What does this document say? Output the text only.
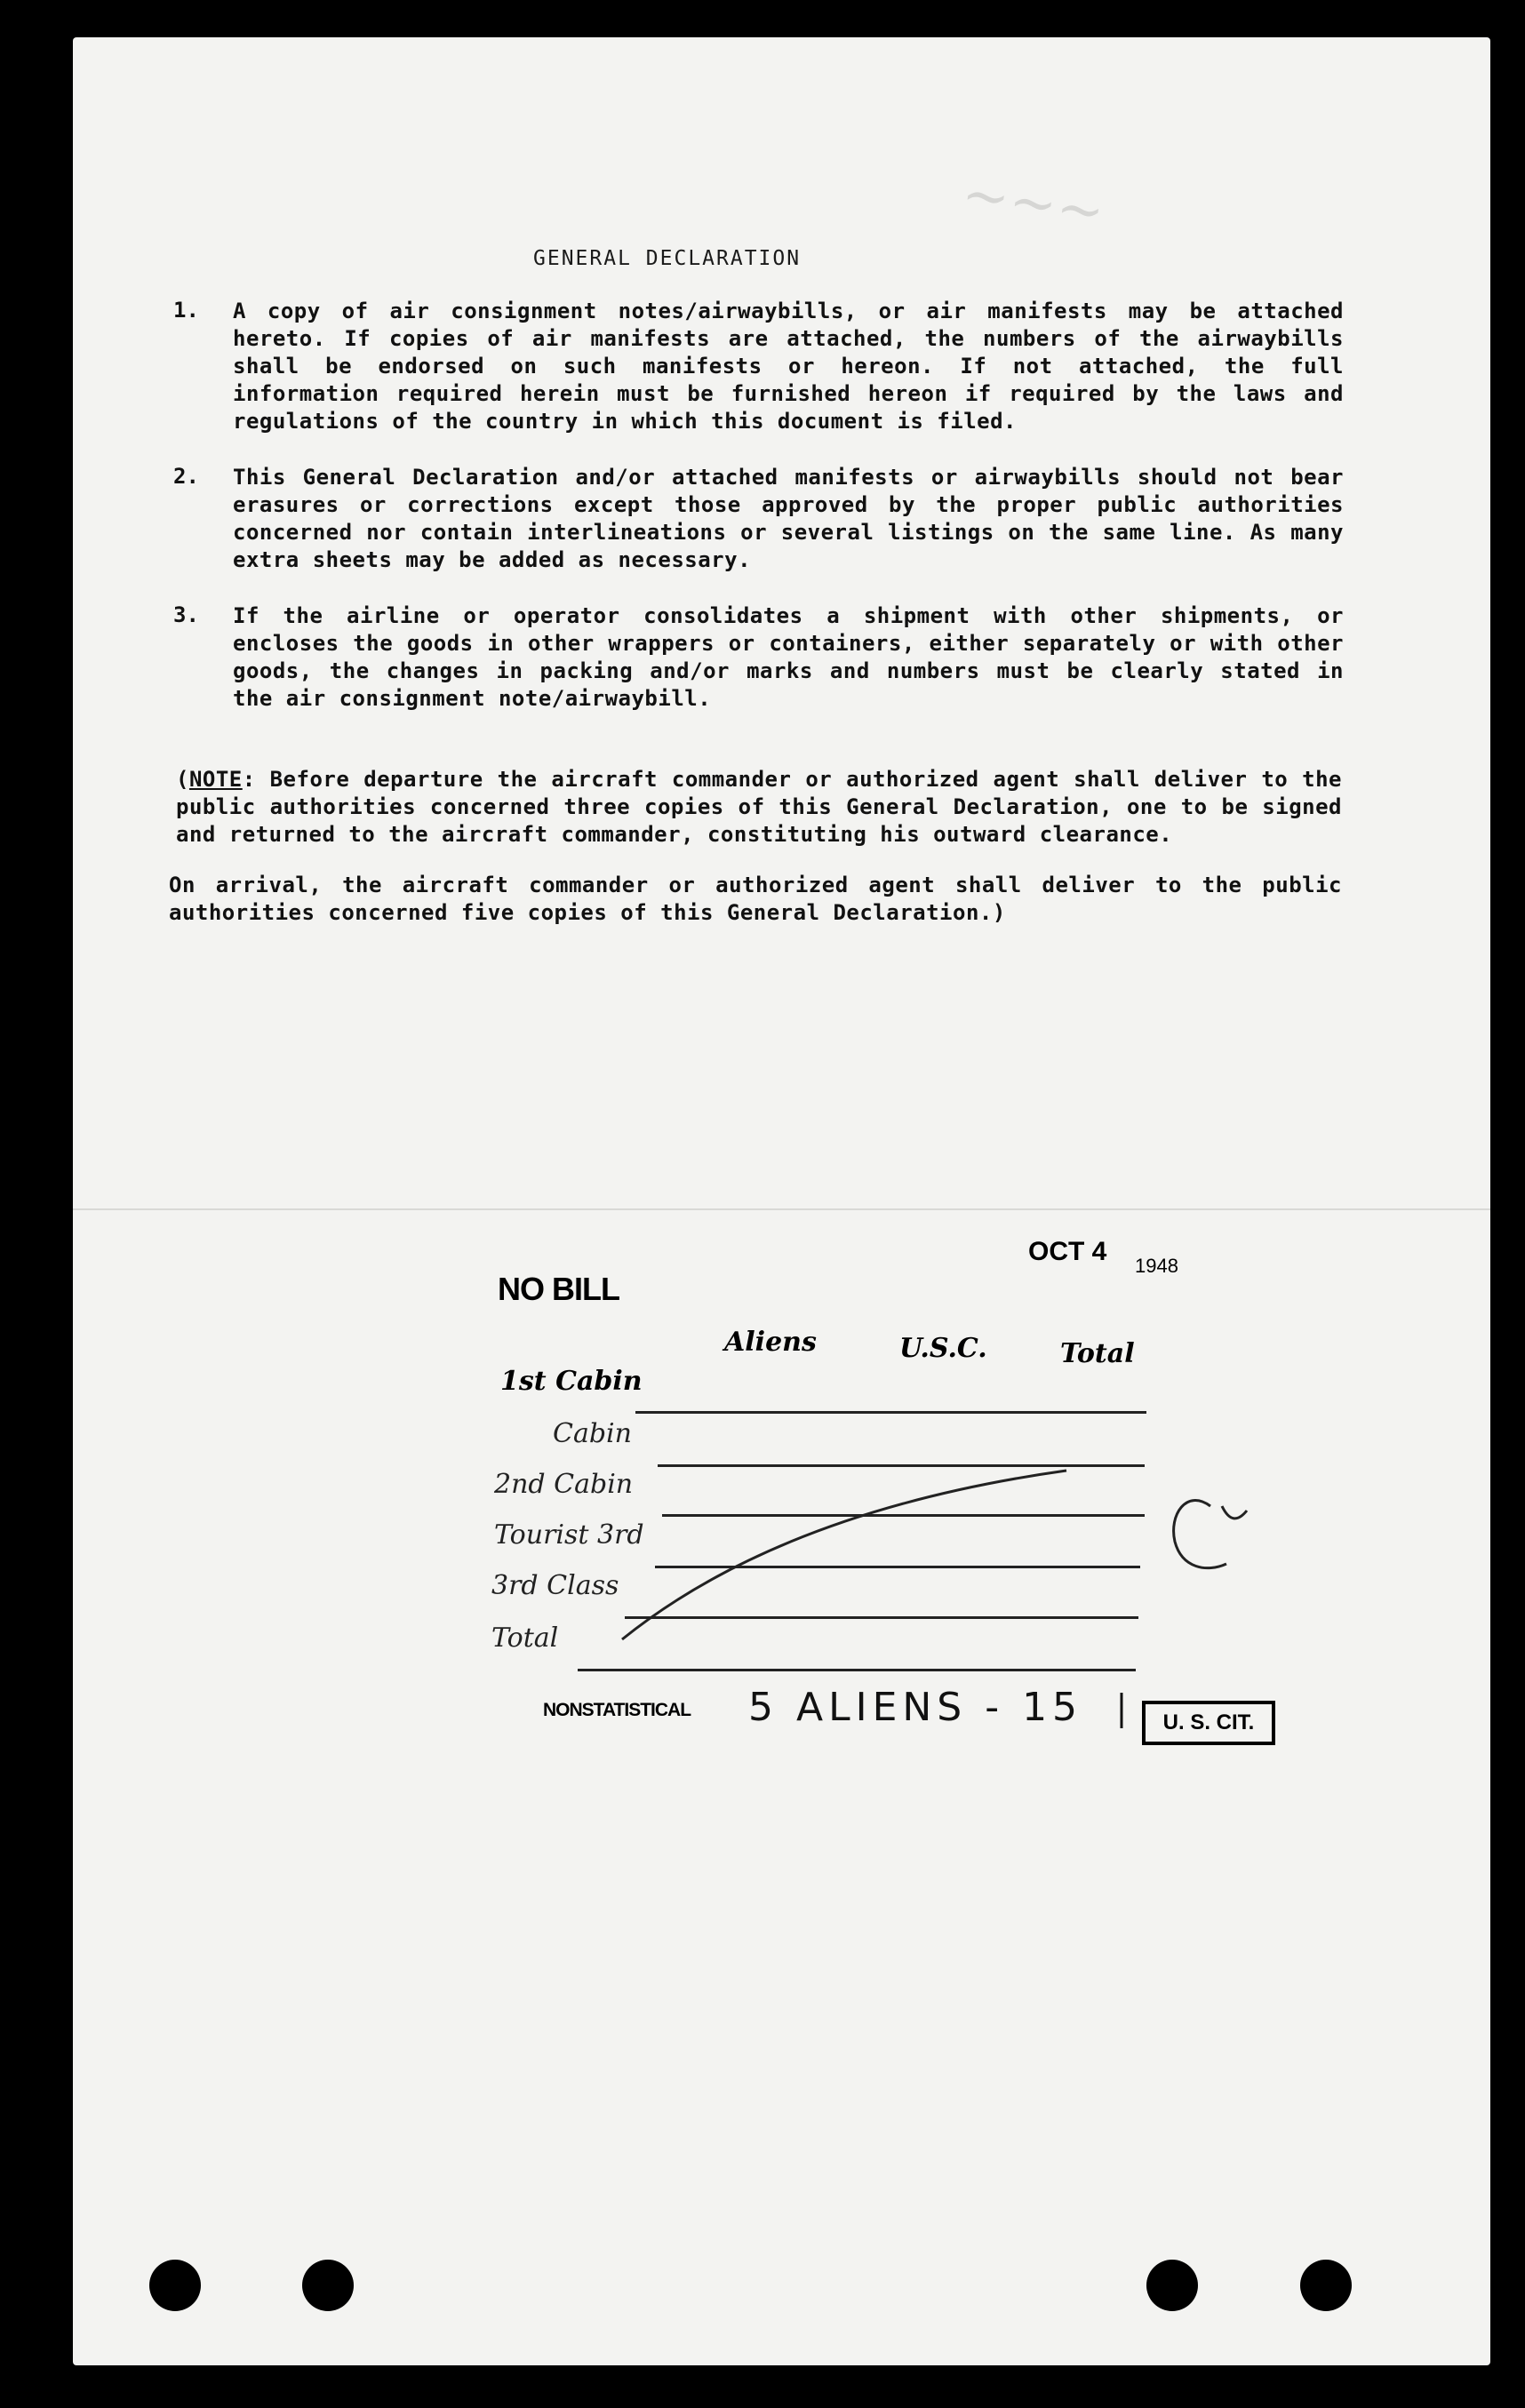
~~~
GENERAL DECLARATION
1. A copy of air consignment notes/airwaybills, or air manifests may be attached hereto. If copies of air manifests are attached, the numbers of the airwaybills shall be endorsed on such manifests or hereon. If not attached, the full information required herein must be furnished hereon if required by the laws and regulations of the country in which this document is filed.
2. This General Declaration and/or attached manifests or airwaybills should not bear erasures or corrections except those approved by the proper public authorities concerned nor contain interlineations or several listings on the same line. As many extra sheets may be added as necessary.
3. If the airline or operator consolidates a shipment with other shipments, or encloses the goods in other wrappers or containers, either separately or with other goods, the changes in packing and/or marks and numbers must be clearly stated in the air consignment note/airwaybill.
(NOTE: Before departure the aircraft commander or authorized agent shall deliver to the public authorities concerned three copies of this General Declaration, one to be signed and returned to the aircraft commander, constituting his outward clearance.
On arrival, the aircraft commander or authorized agent shall deliver to the public authorities concerned five copies of this General Declaration.)
OCT 4 1948
NO BILL
Aliens	U.S.C.	Total
1st Cabin
Cabin
2nd Cabin
Tourist 3rd
3rd Class
Total
NONSTATISTICAL 5 ALIENS - 15	U. S. CIT.
